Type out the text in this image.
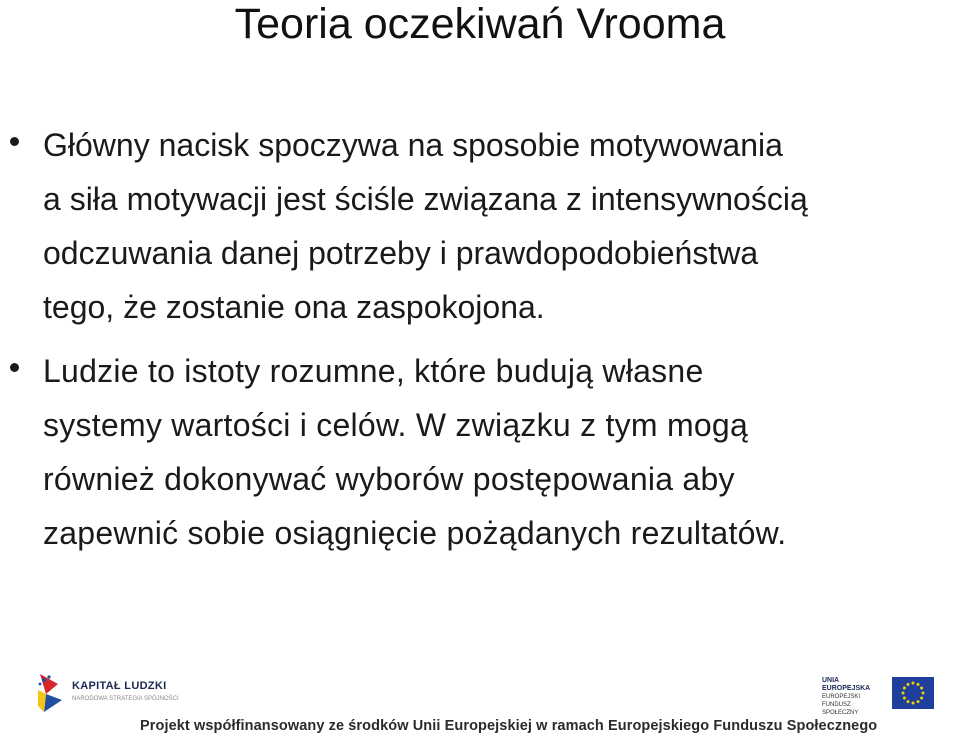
Teoria oczekiwań Vrooma
Główny nacisk spoczywa na sposobie motywowania
a siła motywacji jest ściśle związana z intensywnością
odczuwania danej potrzeby i prawdopodobieństwa
tego, że zostanie ona zaspokojona.
Ludzie to istoty rozumne, które budują własne
systemy wartości i celów. W związku z tym mogą
również dokonywać wyborów postępowania aby
zapewnić sobie osiągnięcie pożądanych rezultatów.

KAPITAŁ LUDZKI
NARODOWA STRATEGIA SPÓJNOŚCI
UNIA EUROPEJSKA
EUROPEJSKI
FUNDUSZ SPOŁECZNY
Projekt współfinansowany ze środków Unii Europejskiej w ramach Europejskiego Funduszu Społecznego
